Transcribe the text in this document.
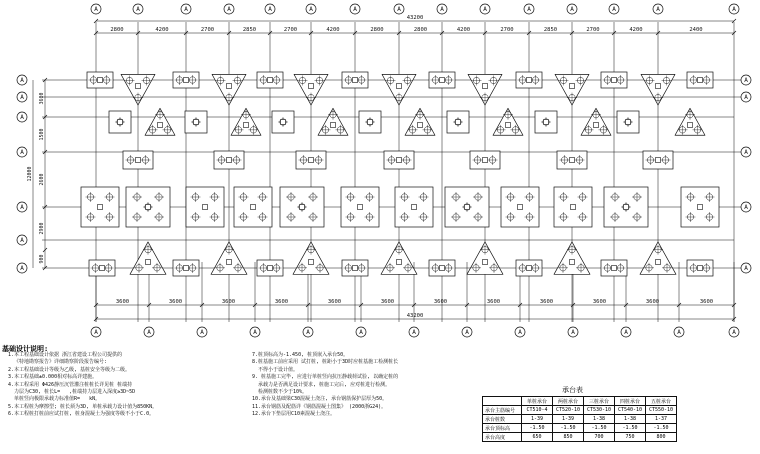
43200
2800	4200	2700	2850	2700	4200	2800	2800	4200	2700	2850	2700	4200	2400
3600	3600	3600	3600	3600	3600	3600	3600	3600	3600	3600	3600
43200
3600
1500
2600
2900
900
12000
A	A	A	A	A	A	A	A	A	A	A	A	A	A	A
A	A	A	A	A	A	A	A	A	A	A	A	A
A	A
A	A
A	A
A	A
A	A
A
A
基础设计说明:
1.本工程基础设计依据 浙江省建设工程公司提供的
《特地勘察报告》详细勘察阶段报告编号:
2.本工程基础设计等级为乙级, 基桩安全等级为二级。
3.本工程基础±0.000相对标高详建施。
4.本工程采用 Φ426静压沉管灌注桩桩长详见桩 桩端持
力层为C30, 桩长L=   ,桩端持力层进入深度≥3D~5D
单桩竖向极限承载力标准值R=   kN。
5.本工程桩为摩擦型; 桩长须为3D, 单桩承载力设计值为850KN。
6.本工程桩打桩前应试打桩, 桩身混凝土为强度等级不小于C.0。
7.桩顶标高为-1.450, 桩顶嵌入承台50。
8.桩基施工前应采用 试打桩, 桩距小于3D时应桩基施工检测桩长
不得小于设计值。
9. 桩基施工完毕, 应进行单桩竖向抗压静载荷试验, 以确定桩的
承载力是否满足设计要求, 桩施工完后, 应对桩进行检测。
检测桩数不少于10%。
10.承台及基础梁C30混凝土浇注, 承台钢筋保护层厚为50。
11.承台钢筋及配筋详《钢筋混凝土图集》 (2000浙G24)。
12.承台下垫层用C10素混凝土浇注。
承台表
	单桩承台	两桩承台	三桩承台	四桩承台	五桩承台
承台主筋编号	CT510-4	CT520-10	CT530-10	CT540-10	CT550-10
承台桩数	1-39	1-39	1-38	1-38	1-37
承台顶标高	-1.50	-1.50	-1.50	-1.50	-1.50
承台高度	650	850	700	750	800
